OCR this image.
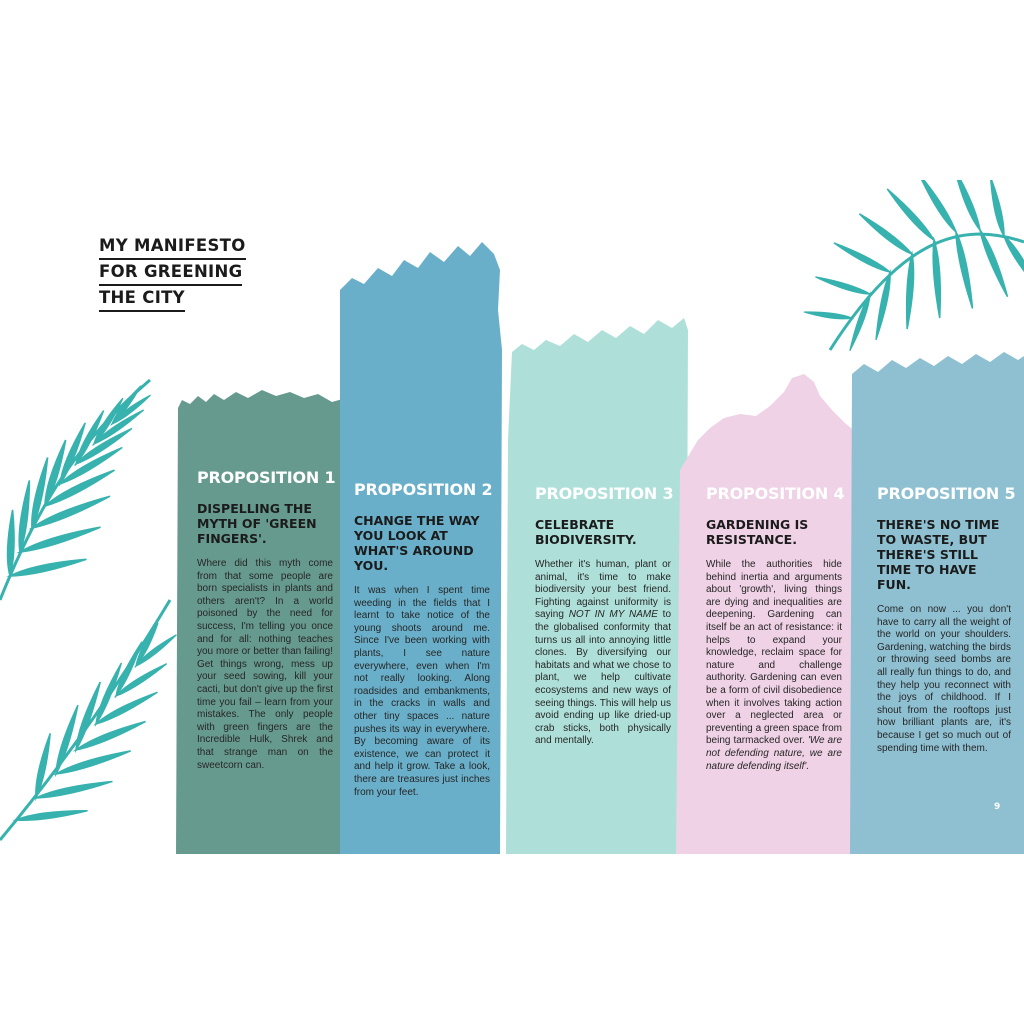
8	9
MY MANIFESTO
FOR GREENING
THE CITY

PROPOSITION 1

DISPELLING THE MYTH OF 'GREEN FINGERS'.

Where did this myth come from that some people are born specialists in plants and others aren't? In a world poisoned by the need for success, I'm telling you once and for all: nothing teaches you more or better than failing! Get things wrong, mess up your seed sowing, kill your cacti, but don't give up the first time you fail – learn from your mistakes. The only people with green fingers are the Incredible Hulk, Shrek and that strange man on the sweetcorn can.

PROPOSITION 2

CHANGE THE WAY YOU LOOK AT WHAT'S AROUND YOU.

It was when I spent time weeding in the fields that I learnt to take notice of the young shoots around me. Since I've been working with plants, I see nature everywhere, even when I'm not really looking. Along roadsides and embankments, in the cracks in walls and other tiny spaces ... nature pushes its way in everywhere. By becoming aware of its existence, we can protect it and help it grow. Take a look, there are treasures just inches from your feet.

PROPOSITION 3

CELEBRATE BIODIVERSITY.

Whether it's human, plant or animal, it's time to make biodiversity your best friend. Fighting against uniformity is saying NOT IN MY NAME to the globalised conformity that turns us all into annoying little clones. By diversifying our habitats and what we chose to plant, we help cultivate ecosystems and new ways of seeing things. This will help us avoid ending up like dried-up crab sticks, both physically and mentally.

PROPOSITION 4

GARDENING IS RESISTANCE.

While the authorities hide behind inertia and arguments about 'growth', living things are dying and inequalities are deepening. Gardening can itself be an act of resistance: it helps to expand your knowledge, reclaim space for nature and challenge authority. Gardening can even be a form of civil disobedience when it involves taking action over a neglected area or preventing a green space from being tarmacked over. 'We are not defending nature, we are nature defending itself'.

PROPOSITION 5

THERE'S NO TIME TO WASTE, BUT THERE'S STILL TIME TO HAVE FUN.

Come on now ... you don't have to carry all the weight of the world on your shoulders. Gardening, watching the birds or throwing seed bombs are all really fun things to do, and they help you reconnect with the joys of childhood. If I shout from the rooftops just how brilliant plants are, it's because I get so much out of spending time with them.
